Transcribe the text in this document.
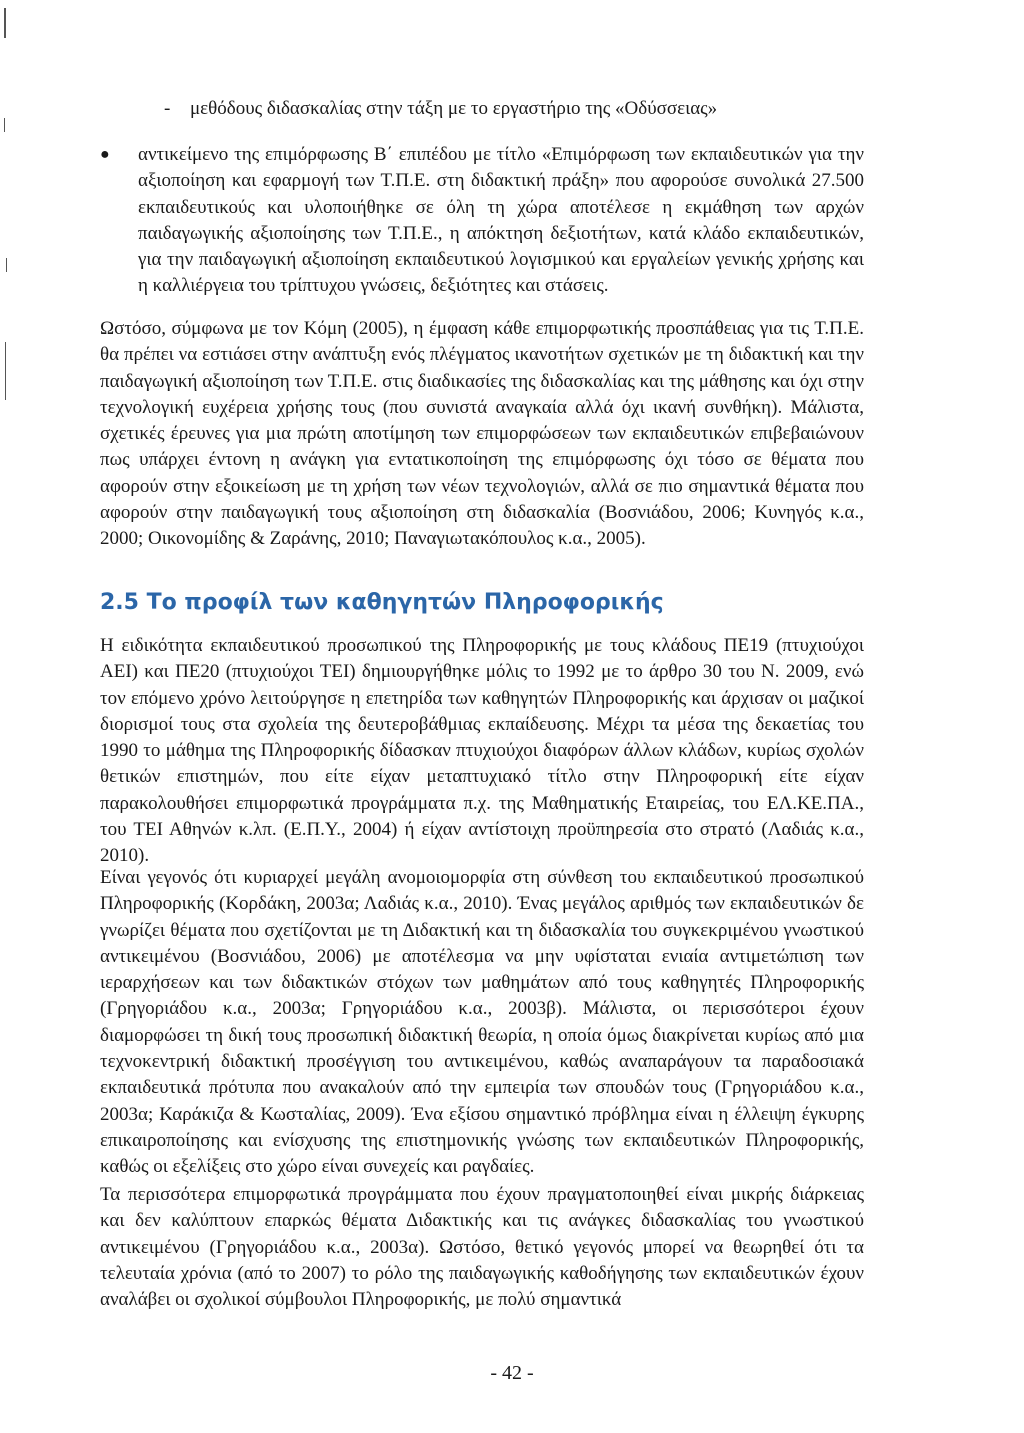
-	μεθόδους διδασκαλίας στην τάξη με το εργαστήριο της «Οδύσσειας»
● αντικείμενο της επιμόρφωσης Β΄ επιπέδου με τίτλο «Επιμόρφωση των εκπαιδευτικών για την αξιοποίηση και εφαρμογή των Τ.Π.Ε. στη διδακτική πράξη» που αφορούσε συνολικά 27.500 εκπαιδευτικούς και υλοποιήθηκε σε όλη τη χώρα αποτέλεσε η εκμάθηση των αρχών παιδαγωγικής αξιοποίησης των Τ.Π.Ε., η απόκτηση δεξιοτήτων, κατά κλάδο εκπαιδευτικών, για την παιδαγωγική αξιοποίηση εκπαιδευτικού λογισμικού και εργαλείων γενικής χρήσης και η καλλιέργεια του τρίπτυχου γνώσεις, δεξιότητες και στάσεις.

Ωστόσο, σύμφωνα με τον Κόμη (2005), η έμφαση κάθε επιμορφωτικής προσπάθειας για τις Τ.Π.Ε. θα πρέπει να εστιάσει στην ανάπτυξη ενός πλέγματος ικανοτήτων σχετικών με τη διδακτική και την παιδαγωγική αξιοποίηση των Τ.Π.Ε. στις διαδικασίες της διδασκαλίας και της μάθησης και όχι στην τεχνολογική ευχέρεια χρήσης τους (που συνιστά αναγκαία αλλά όχι ικανή συνθήκη). Μάλιστα, σχετικές έρευνες για μια πρώτη αποτίμηση των επιμορφώσεων των εκπαιδευτικών επιβεβαιώνουν πως υπάρχει έντονη η ανάγκη για εντατικοποίηση της επιμόρφωσης όχι τόσο σε θέματα που αφορούν στην εξοικείωση με τη χρήση των νέων τεχνολογιών, αλλά σε πιο σημαντικά θέματα που αφορούν στην παιδαγωγική τους αξιοποίηση στη διδασκαλία (Βοσνιάδου, 2006; Κυνηγός κ.α., 2000; Οικονομίδης & Ζαράνης, 2010; Παναγιωτακόπουλος κ.α., 2005).

2.5 Το προφίλ των καθηγητών Πληροφορικής

Η ειδικότητα εκπαιδευτικού προσωπικού της Πληροφορικής με τους κλάδους ΠΕ19 (πτυχιούχοι ΑΕΙ) και ΠΕ20 (πτυχιούχοι ΤΕΙ) δημιουργήθηκε μόλις το 1992 με το άρθρο 30 του Ν. 2009, ενώ τον επόμενο χρόνο λειτούργησε η επετηρίδα των καθηγητών Πληροφορικής και άρχισαν οι μαζικοί διορισμοί τους στα σχολεία της δευτεροβάθμιας εκπαίδευσης. Μέχρι τα μέσα της δεκαετίας του 1990 το μάθημα της Πληροφορικής δίδασκαν πτυχιούχοι διαφόρων άλλων κλάδων, κυρίως σχολών θετικών επιστημών, που είτε είχαν μεταπτυχιακό τίτλο στην Πληροφορική είτε είχαν παρακολουθήσει επιμορφωτικά προγράμματα π.χ. της Μαθηματικής Εταιρείας, του ΕΛ.ΚΕ.ΠΑ., του ΤΕΙ Αθηνών κ.λπ. (Ε.Π.Υ., 2004) ή είχαν αντίστοιχη προϋπηρεσία στο στρατό (Λαδιάς κ.α., 2010).

Είναι γεγονός ότι κυριαρχεί μεγάλη ανομοιομορφία στη σύνθεση του εκπαιδευτικού προσωπικού Πληροφορικής (Κορδάκη, 2003α; Λαδιάς κ.α., 2010). Ένας μεγάλος αριθμός των εκπαιδευτικών δε γνωρίζει θέματα που σχετίζονται με τη Διδακτική και τη διδασκαλία του συγκεκριμένου γνωστικού αντικειμένου (Βοσνιάδου, 2006) με αποτέλεσμα να μην υφίσταται ενιαία αντιμετώπιση των ιεραρχήσεων και των διδακτικών στόχων των μαθημάτων από τους καθηγητές Πληροφορικής (Γρηγοριάδου κ.α., 2003α; Γρηγοριάδου κ.α., 2003β). Μάλιστα, οι περισσότεροι έχουν διαμορφώσει τη δική τους προσωπική διδακτική θεωρία, η οποία όμως διακρίνεται κυρίως από μια τεχνοκεντρική διδακτική προσέγγιση του αντικειμένου, καθώς αναπαράγουν τα παραδοσιακά εκπαιδευτικά πρότυπα που ανακαλούν από την εμπειρία των σπουδών τους (Γρηγοριάδου κ.α., 2003α; Καράκιζα & Κωσταλίας, 2009). Ένα εξίσου σημαντικό πρόβλημα είναι η έλλειψη έγκυρης επικαιροποίησης και ενίσχυσης της επιστημονικής γνώσης των εκπαιδευτικών Πληροφορικής, καθώς οι εξελίξεις στο χώρο είναι συνεχείς και ραγδαίες.

Τα περισσότερα επιμορφωτικά προγράμματα που έχουν πραγματοποιηθεί είναι μικρής διάρκειας και δεν καλύπτουν επαρκώς θέματα Διδακτικής και τις ανάγκες διδασκαλίας του γνωστικού αντικειμένου (Γρηγοριάδου κ.α., 2003α). Ωστόσο, θετικό γεγονός μπορεί να θεωρηθεί ότι τα τελευταία χρόνια (από το 2007) το ρόλο της παιδαγωγικής καθοδήγησης των εκπαιδευτικών έχουν αναλάβει οι σχολικοί σύμβουλοι Πληροφορικής, με πολύ σημαντικά

- 42 -
